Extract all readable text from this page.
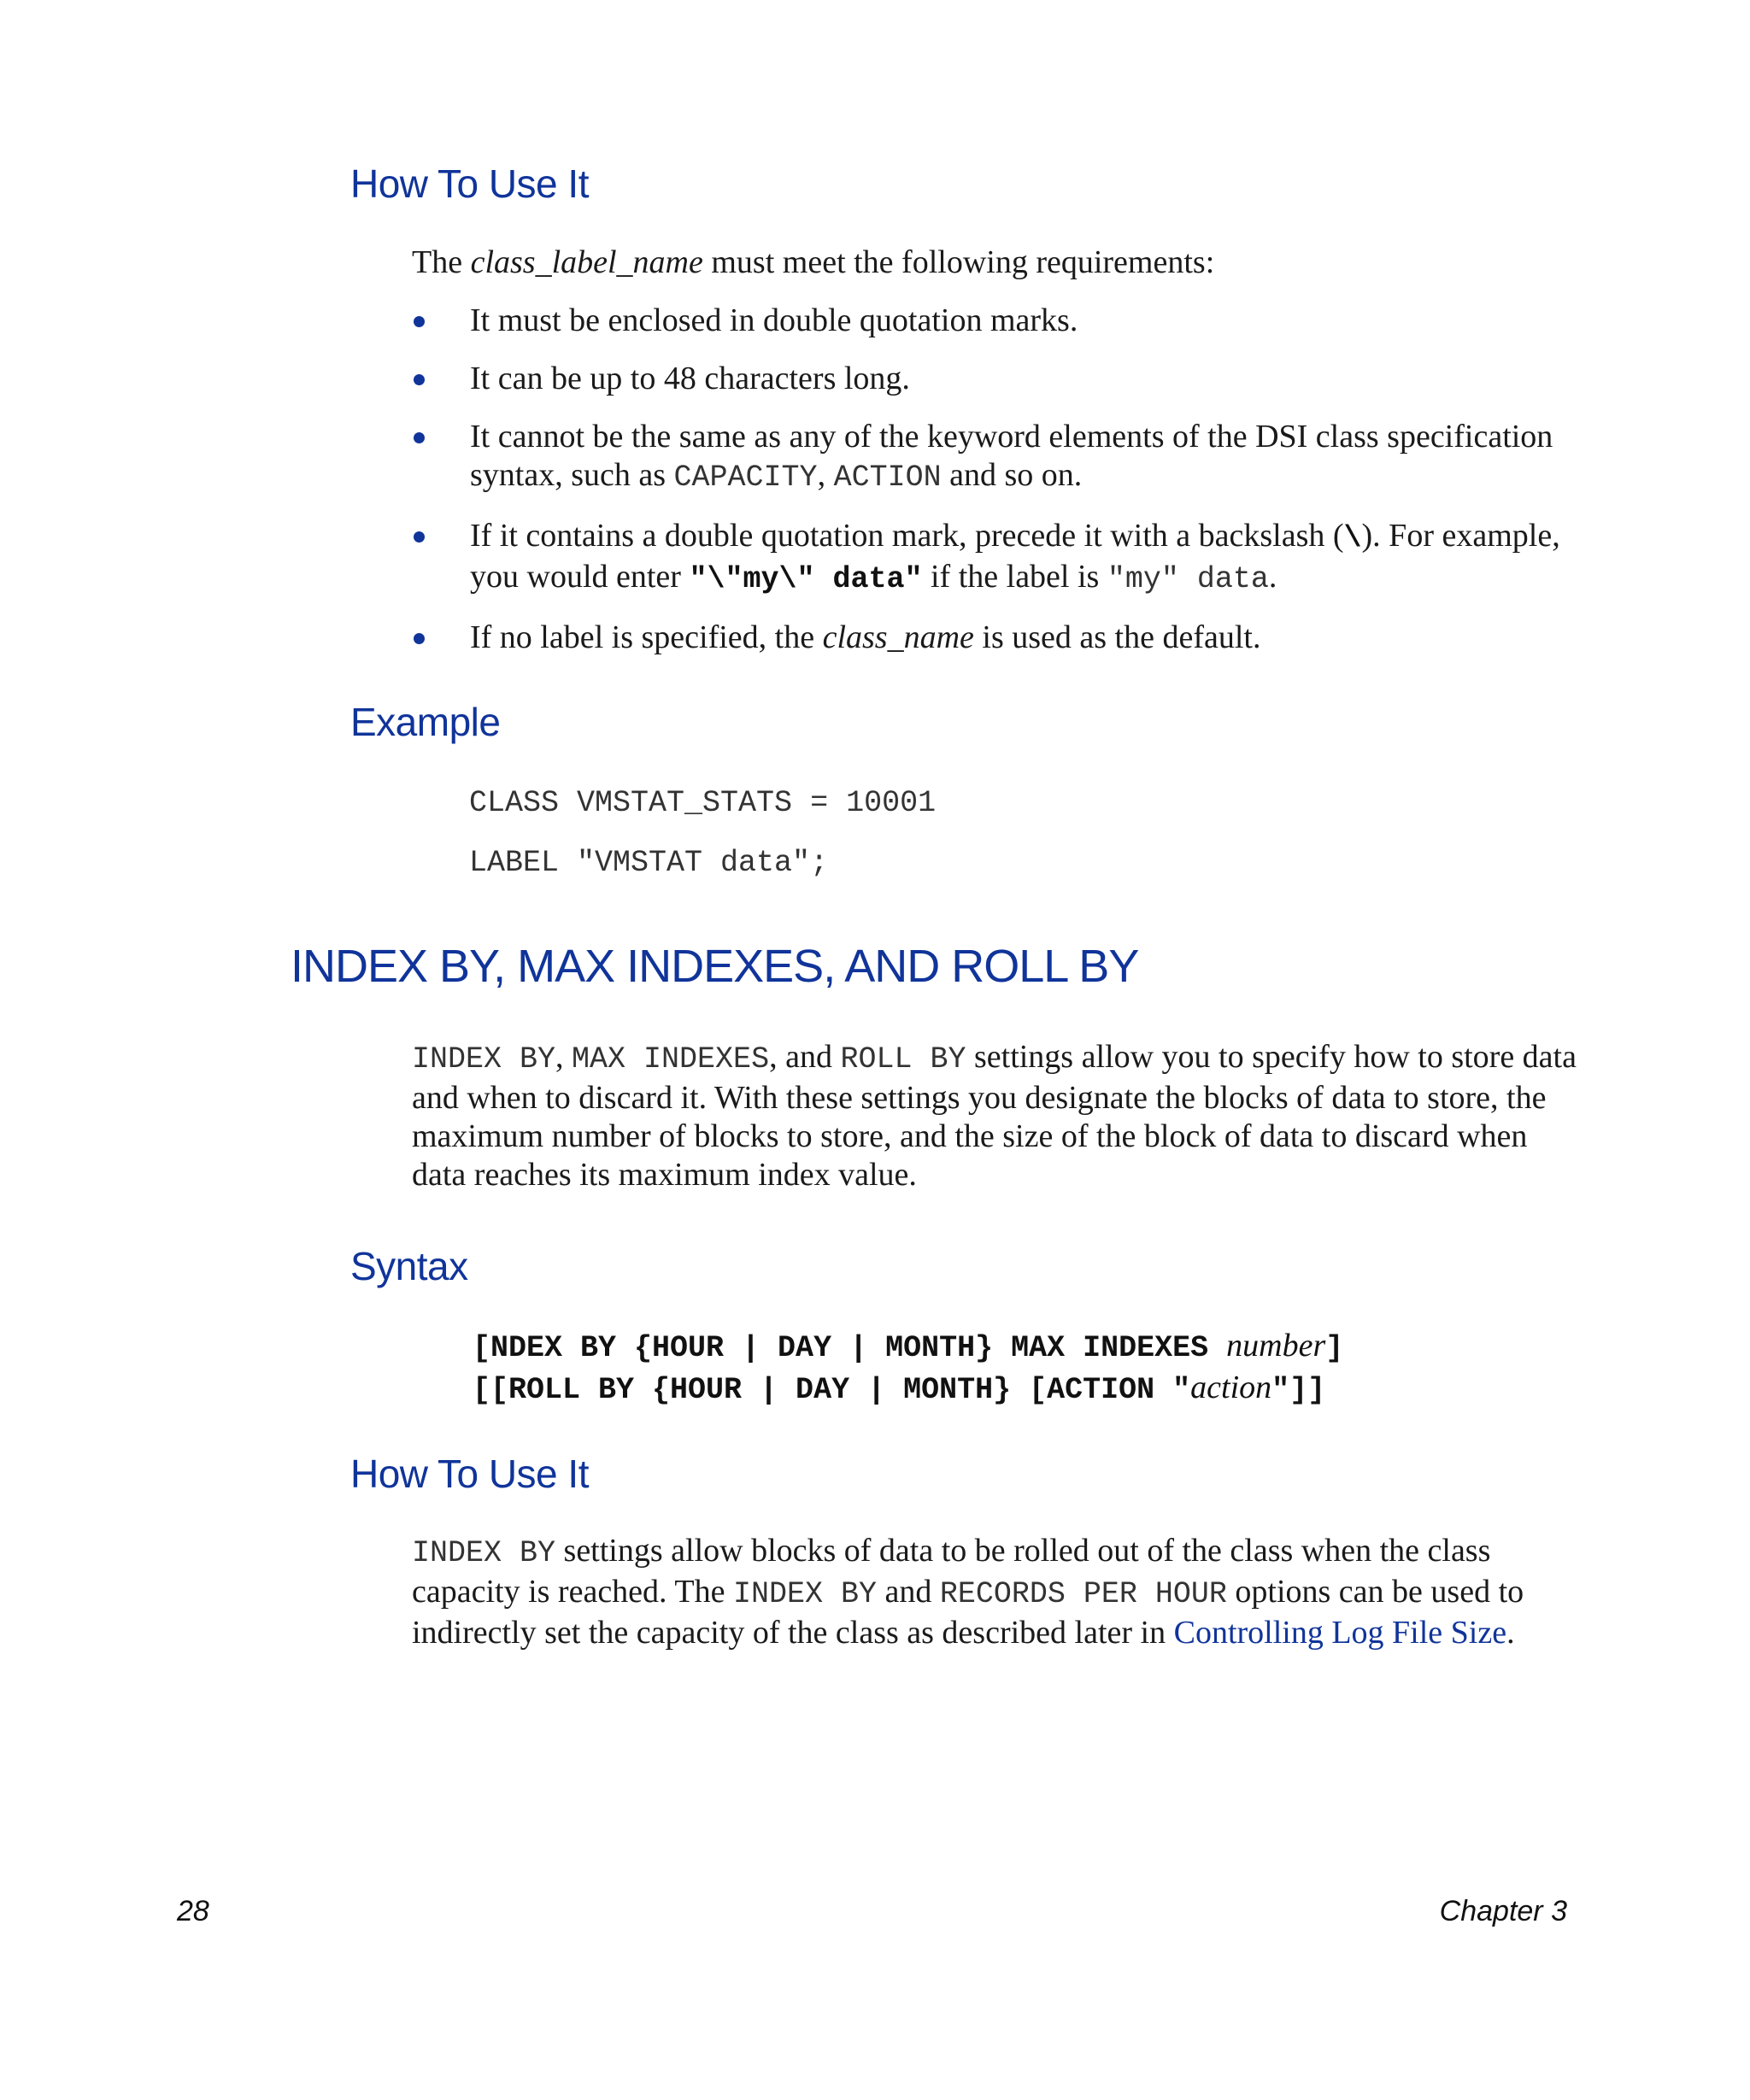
How To Use It

The class_label_name must meet the following requirements:

It must be enclosed in double quotation marks.
It can be up to 48 characters long.
It cannot be the same as any of the keyword elements of the DSI class specification syntax, such as CAPACITY, ACTION and so on.
If it contains a double quotation mark, precede it with a backslash (\). For example, you would enter "\"my\" data" if the label is "my" data.
If no label is specified, the class_name is used as the default.
Example

CLASS VMSTAT_STATS = 10001

LABEL "VMSTAT data";

INDEX BY, MAX INDEXES, AND ROLL BY

INDEX BY, MAX INDEXES, and ROLL BY settings allow you to specify how to store data and when to discard it. With these settings you designate the blocks of data to store, the maximum number of blocks to store, and the size of the block of data to discard when data reaches its maximum index value.

Syntax
[NDEX BY {HOUR | DAY | MONTH} MAX INDEXES number]
[[ROLL BY {HOUR | DAY | MONTH} [ACTION "action"]]
How To Use It

INDEX BY settings allow blocks of data to be rolled out of the class when the class capacity is reached. The INDEX BY and RECORDS PER HOUR options can be used to indirectly set the capacity of the class as described later in Controlling Log File Size.

28	Chapter 3
